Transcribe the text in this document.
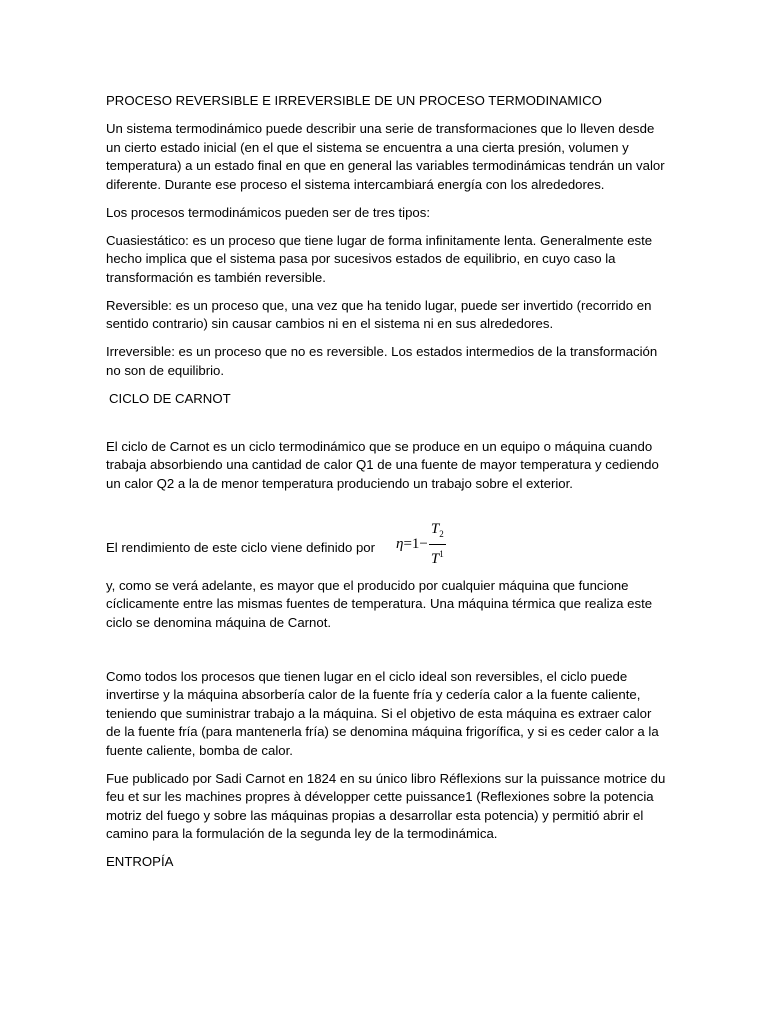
PROCESO REVERSIBLE E IRREVERSIBLE DE UN PROCESO TERMODINAMICO

Un sistema termodinámico puede describir una serie de transformaciones que lo lleven desde un cierto estado inicial (en el que el sistema se encuentra a una cierta presión, volumen y temperatura) a un estado final en que en general las variables termodinámicas tendrán un valor diferente. Durante ese proceso el sistema intercambiará energía con los alrededores.

Los procesos termodinámicos pueden ser de tres tipos:

Cuasiestático: es un proceso que tiene lugar de forma infinitamente lenta. Generalmente este hecho implica que el sistema pasa por sucesivos estados de equilibrio, en cuyo caso la transformación es también reversible.

Reversible: es un proceso que, una vez que ha tenido lugar, puede ser invertido (recorrido en sentido contrario) sin causar cambios ni en el sistema ni en sus alrededores.

Irreversible: es un proceso que no es reversible. Los estados intermedios de la transformación no son de equilibrio.

CICLO DE CARNOT

El ciclo de Carnot es un ciclo termodinámico que se produce en un equipo o máquina cuando trabaja absorbiendo una cantidad de calor Q1 de una fuente de mayor temperatura y cediendo un calor Q2 a la de menor temperatura produciendo un trabajo sobre el exterior.

El rendimiento de este ciclo viene definido por $\eta = 1 - \frac{T_2}{T^1}$

y, como se verá adelante, es mayor que el producido por cualquier máquina que funcione cíclicamente entre las mismas fuentes de temperatura. Una máquina térmica que realiza este ciclo se denomina máquina de Carnot.

Como todos los procesos que tienen lugar en el ciclo ideal son reversibles, el ciclo puede invertirse y la máquina absorbería calor de la fuente fría y cedería calor a la fuente caliente, teniendo que suministrar trabajo a la máquina. Si el objetivo de esta máquina es extraer calor de la fuente fría (para mantenerla fría) se denomina máquina frigorífica, y si es ceder calor a la fuente caliente, bomba de calor.

Fue publicado por Sadi Carnot en 1824 en su único libro Réflexions sur la puissance motrice du feu et sur les machines propres à développer cette puissance1 (Reflexiones sobre la potencia motriz del fuego y sobre las máquinas propias a desarrollar esta potencia) y permitió abrir el camino para la formulación de la segunda ley de la termodinámica.

ENTROPÍA
